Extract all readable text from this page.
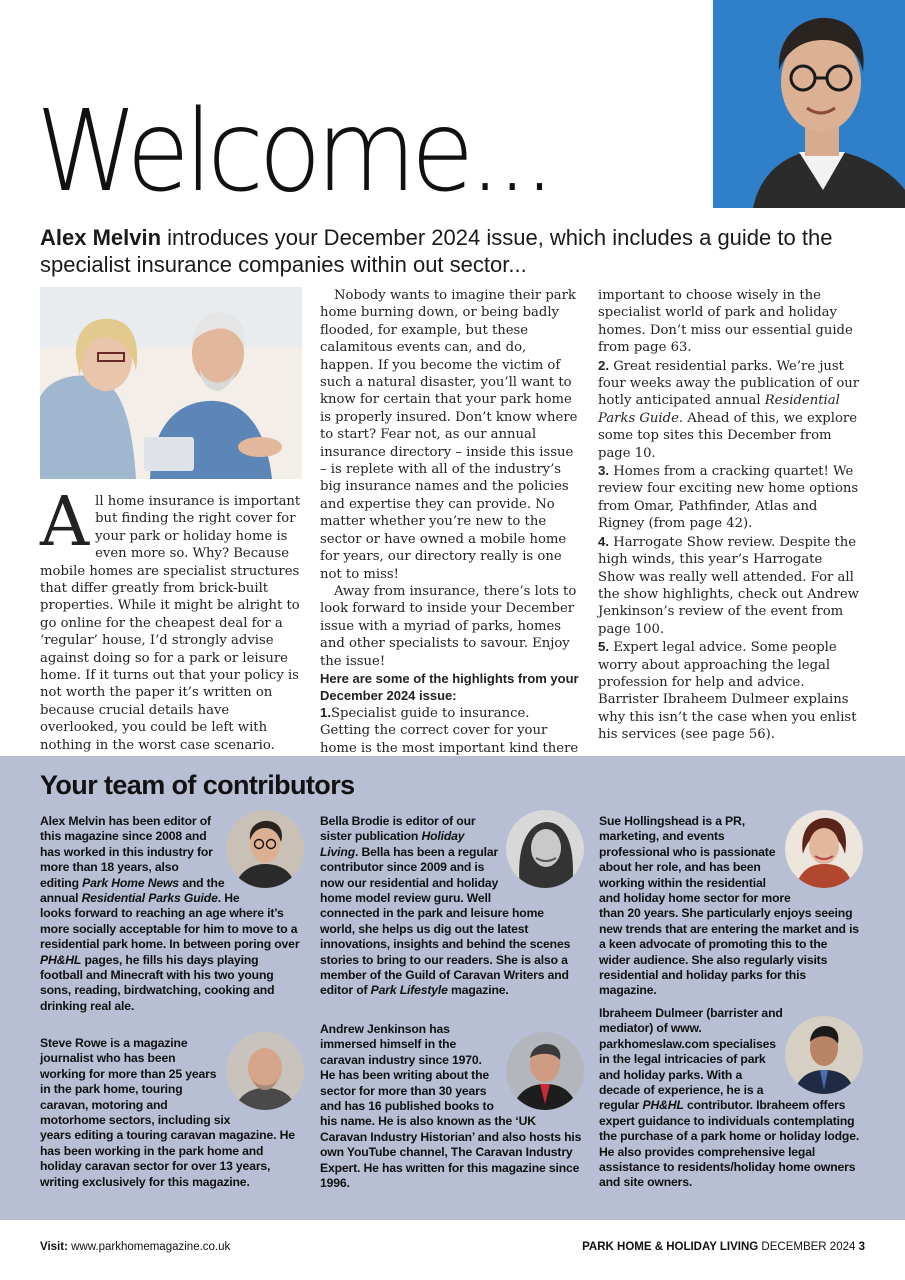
Welcome...
Alex Melvin introduces your December 2024 issue, which includes a guide to the specialist insurance companies within out sector...

All home insurance is important but finding the right cover for your park or holiday home is even more so. Why? Because mobile homes are specialist structures that differ greatly from brick-built properties. While it might be alright to go online for the cheapest deal for a ‘regular’ house, I’d strongly advise against doing so for a park or leisure home. If it turns out that your policy is not worth the paper it’s written on because crucial details have overlooked, you could be left with nothing in the worst case scenario.

Nobody wants to imagine their park home burning down, or being badly flooded, for example, but these calamitous events can, and do, happen. If you become the victim of such a natural disaster, you’ll want to know for certain that your park home is properly insured. Don’t know where to start? Fear not, as our annual insurance directory – inside this issue – is replete with all of the industry’s big insurance names and the policies and expertise they can provide. No matter whether you’re new to the sector or have owned a mobile home for years, our directory really is one not to miss!

Away from insurance, there’s lots to look forward to inside your December issue with a myriad of parks, homes and other specialists to savour. Enjoy the issue!

Here are some of the highlights from your December 2024 issue:

1.Specialist guide to insurance. Getting the correct cover for your home is the most important kind there

important to choose wisely in the specialist world of park and holiday homes. Don’t miss our essential guide from page 63.

2. Great residential parks. We’re just four weeks away the publication of our hotly anticipated annual Residential Parks Guide. Ahead of this, we explore some top sites this December from page 10.

3. Homes from a cracking quartet! We review four exciting new home options from Omar, Pathfinder, Atlas and Rigney (from page 42).

4. Harrogate Show review. Despite the high winds, this year’s Harrogate Show was really well attended. For all the show highlights, check out Andrew Jenkinson’s review of the event from page 100.

5. Expert legal advice. Some people worry about approaching the legal profession for help and advice. Barrister Ibraheem Dulmeer explains why this isn’t the case when you enlist his services (see page 56).

Your team of contributors
Alex Melvin has been editor of this magazine since 2008 and has worked in this industry for more than 18 years, also editing Park Home News and the annual Residential Parks Guide. He looks forward to reaching an age where it’s more socially acceptable for him to move to a residential park home. In between poring over PH&HL pages, he fills his days playing football and Minecraft with his two young sons, reading, birdwatching, cooking and drinking real ale.
Steve Rowe is a magazine journalist who has been working for more than 25 years in the park home, touring caravan, motoring and motorhome sectors, including six years editing a touring caravan magazine. He has been working in the park home and holiday caravan sector for over 13 years, writing exclusively for this magazine.
Bella Brodie is editor of our sister publication Holiday Living. Bella has been a regular contributor since 2009 and is now our residential and holiday home model review guru. Well connected in the park and leisure home world, she helps us dig out the latest innovations, insights and behind the scenes stories to bring to our readers. She is also a member of the Guild of Caravan Writers and editor of Park Lifestyle magazine.
Andrew Jenkinson has immersed himself in the caravan industry since 1970. He has been writing about the sector for more than 30 years and has 16 published books to his name. He is also known as the ‘UK Caravan Industry Historian’ and also hosts his own YouTube channel, The Caravan Industry Expert. He has written for this magazine since 1996.
Sue Hollingshead is a PR, marketing, and events professional who is passionate about her role, and has been working within the residential and holiday home sector for more than 20 years. She particularly enjoys seeing new trends that are entering the market and is a keen advocate of promoting this to the wider audience. She also regularly visits residential and holiday parks for this magazine.
Ibraheem Dulmeer (barrister and mediator) of www. parkhomeslaw.com specialises in the legal intricacies of park and holiday parks. With a decade of experience, he is a regular PH&HL contributor. Ibraheem offers expert guidance to individuals contemplating the purchase of a park home or holiday lodge. He also provides comprehensive legal assistance to residents/holiday home owners and site owners.
Visit: www.parkhomemagazine.co.uk	PARK HOME & HOLIDAY LIVING DECEMBER 2024 3
